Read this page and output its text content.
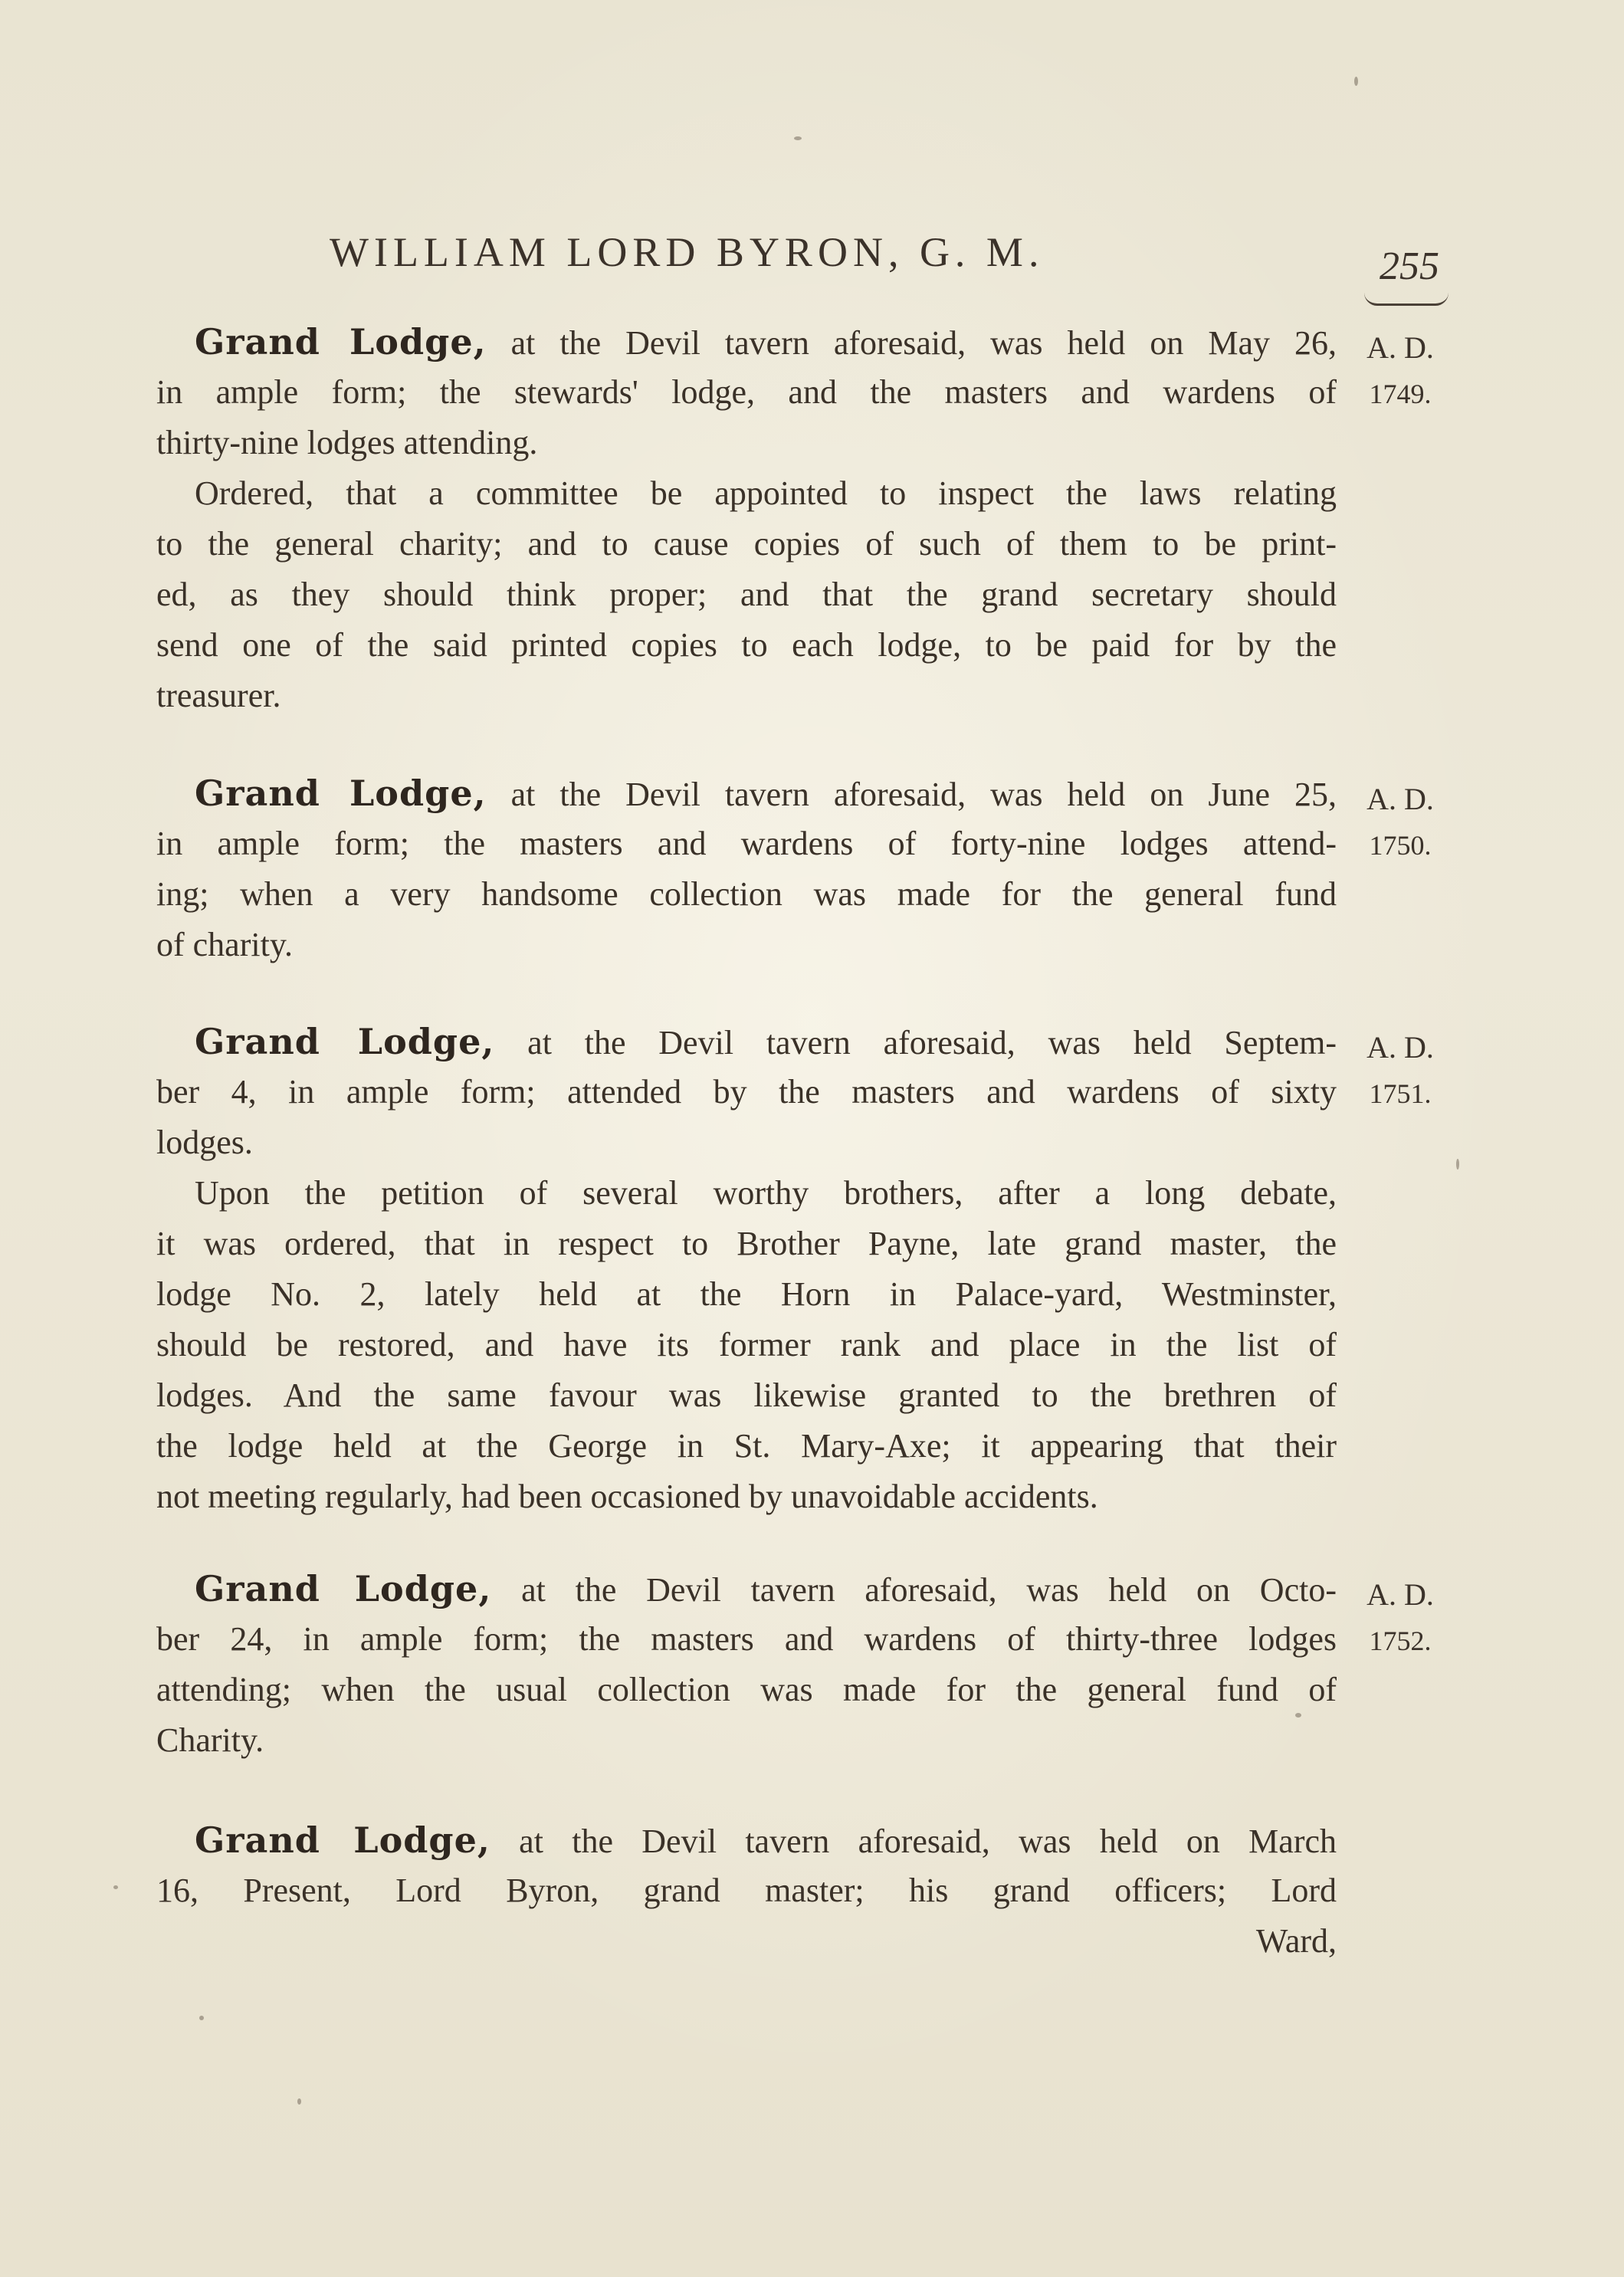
WILLIAM LORD BYRON, G. M.	255
Grand Lodge, at the Devil tavern aforesaid, was held on May 26,
in ample form; the stewards' lodge, and the masters and wardens of
thirty-nine lodges attending.
Ordered, that a committee be appointed to inspect the laws relating
to the general charity; and to cause copies of such of them to be print-
ed, as they should think proper; and that the grand secretary should
send one of the said printed copies to each lodge, to be paid for by the
treasurer.
A. D.
1749.
Grand Lodge, at the Devil tavern aforesaid, was held on June 25,
in ample form; the masters and wardens of forty-nine lodges attend-
ing; when a very handsome collection was made for the general fund
of charity.
A. D.
1750.
Grand Lodge, at the Devil tavern aforesaid, was held Septem-
ber 4, in ample form; attended by the masters and wardens of sixty
lodges.
Upon the petition of several worthy brothers, after a long debate,
it was ordered, that in respect to Brother Payne, late grand master, the
lodge No. 2, lately held at the Horn in Palace-yard, Westminster,
should be restored, and have its former rank and place in the list of
lodges. And the same favour was likewise granted to the brethren of
the lodge held at the George in St. Mary-Axe; it appearing that their
not meeting regularly, had been occasioned by unavoidable accidents.
A. D.
1751.
Grand Lodge, at the Devil tavern aforesaid, was held on Octo-
ber 24, in ample form; the masters and wardens of thirty-three lodges
attending; when the usual collection was made for the general fund of
Charity.
A. D.
1752.
Grand Lodge, at the Devil tavern aforesaid, was held on March
16, Present, Lord Byron, grand master; his grand officers; Lord
Ward,
